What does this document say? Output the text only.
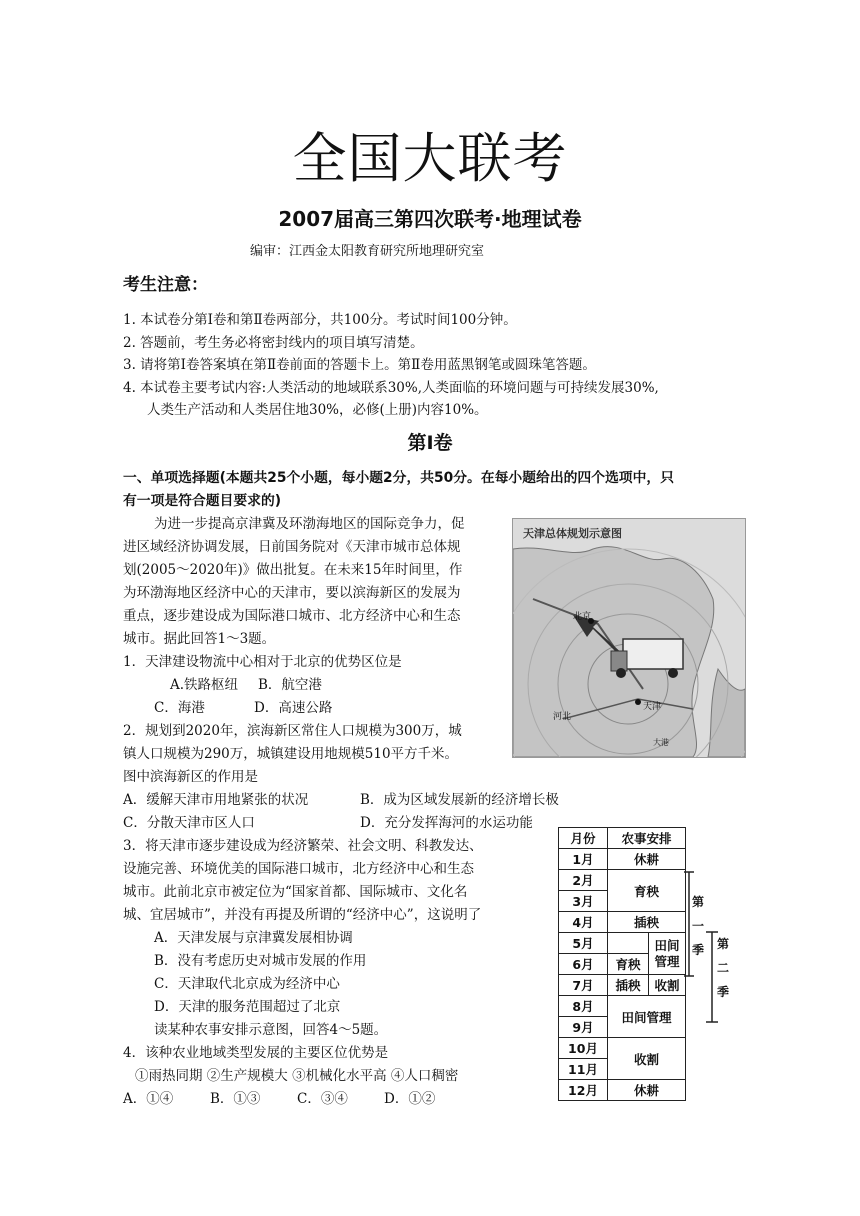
全国大联考
2007届高三第四次联考·地理试卷
编审：江西金太阳教育研究所地理研究室
考生注意：
1. 本试卷分第Ⅰ卷和第Ⅱ卷两部分，共100分。考试时间100分钟。
2. 答题前，考生务必将密封线内的项目填写清楚。
3. 请将第Ⅰ卷答案填在第Ⅱ卷前面的答题卡上。第Ⅱ卷用蓝黑钢笔或圆珠笔答题。
4. 本试卷主要考试内容:人类活动的地域联系30%,人类面临的环境问题与可持续发展30%,
人类生产活动和人类居住地30%，必修(上册)内容10%。
第Ⅰ卷
一、单项选择题(本题共25个小题，每小题2分，共50分。在每小题给出的四个选项中，只
有一项是符合题目要求的)
为进一步提高京津冀及环渤海地区的国际竞争力，促
进区域经济协调发展，日前国务院对《天津市城市总体规
划(2005～2020年)》做出批复。在未来15年时间里，作
为环渤海地区经济中心的天津市，要以滨海新区的发展为
重点，逐步建设成为国际港口城市、北方经济中心和生态
城市。据此回答1～3题。
天津总体规划示意图
北京
天津
河北
大港
1．天津建设物流中心相对于北京的优势区位是
A.铁路枢纽 B．航空港
C．海港	D．高速公路
2．规划到2020年，滨海新区常住人口规模为300万，城
镇人口规模为290万，城镇建设用地规模510平方千米。
图中滨海新区的作用是
A．缓解天津市用地紧张的状况	B．成为区域发展新的经济增长极
C．分散天津市区人口	D．充分发挥海河的水运功能
3．将天津市逐步建设成为经济繁荣、社会文明、科教发达、
设施完善、环境优美的国际港口城市，北方经济中心和生态
城市。此前北京市被定位为“国家首都、国际城市、文化名
城、宜居城市”，并没有再提及所谓的“经济中心”，这说明了
A．天津发展与京津冀发展相协调
B．没有考虑历史对城市发展的作用
C．天津取代北京成为经济中心
D．天津的服务范围超过了北京
读某种农事安排示意图，回答4～5题。
4．该种农业地域类型发展的主要区位优势是
①雨热同期 ②生产规模大 ③机械化水平高 ④人口稠密
A．①④	B．①③	C．③④	D．①②
月份	农事安排	
1月	休耕	
2月	育秧	
3月		
4月	插秧	
5月		田间管理
6月	育秧	
7月	插秧	收割
8月	田间管理	
9月		
10月	收割	
11月		
12月	休耕	
第一季 第二季
